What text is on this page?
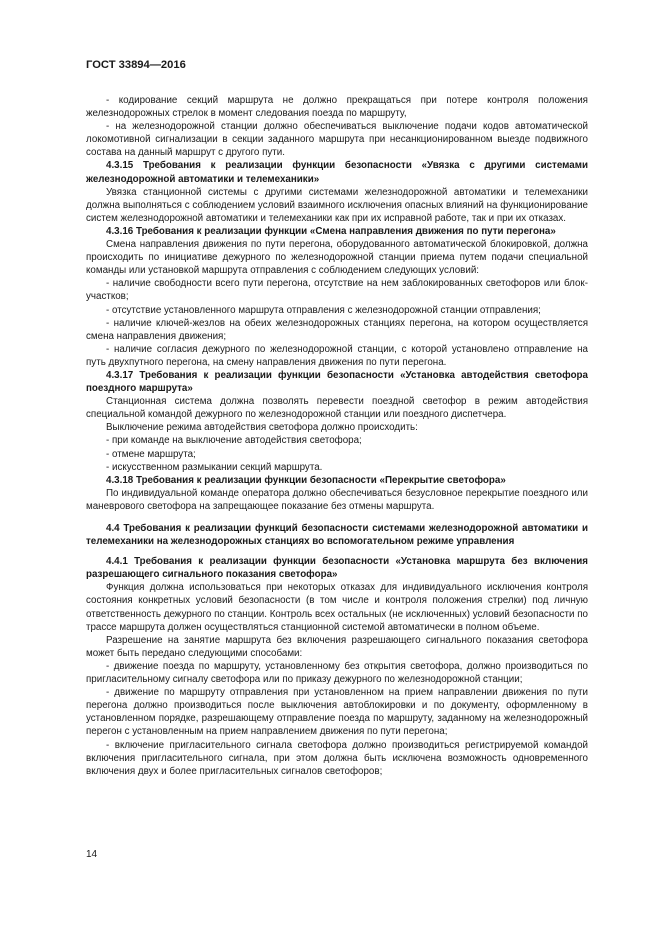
ГОСТ 33894—2016

- кодирование секций маршрута не должно прекращаться при потере контроля положения железнодорожных стрелок в момент следования поезда по маршруту,

- на железнодорожной станции должно обеспечиваться выключение подачи кодов автоматической локомотивной сигнализации в секции заданного маршрута при несанкционированном выезде подвижного состава на данный маршрут с другого пути.

4.3.15 Требования к реализации функции безопасности «Увязка с другими системами железнодорожной автоматики и телемеханики»

Увязка станционной системы с другими системами железнодорожной автоматики и телемеханики должна выполняться с соблюдением условий взаимного исключения опасных влияний на функционирование систем железнодорожной автоматики и телемеханики как при их исправной работе, так и при их отказах.

4.3.16 Требования к реализации функции «Смена направления движения по пути перегона»

Смена направления движения по пути перегона, оборудованного автоматической блокировкой, должна происходить по инициативе дежурного по железнодорожной станции приема путем подачи специальной команды или установкой маршрута отправления с соблюдением следующих условий:

- наличие свободности всего пути перегона, отсутствие на нем заблокированных светофоров или блок-участков;

- отсутствие установленного маршрута отправления с железнодорожной станции отправления;

- наличие ключей-жезлов на обеих железнодорожных станциях перегона, на котором осуществляется смена направления движения;

- наличие согласия дежурного по железнодорожной станции, с которой установлено отправление на путь двухпутного перегона, на смену направления движения по пути перегона.

4.3.17 Требования к реализации функции безопасности «Установка автодействия светофора поездного маршрута»

Станционная система должна позволять перевести поездной светофор в режим автодействия специальной командой дежурного по железнодорожной станции или поездного диспетчера.

Выключение режима автодействия светофора должно происходить:

- при команде на выключение автодействия светофора;

- отмене маршрута;

- искусственном размыкании секций маршрута.

4.3.18 Требования к реализации функции безопасности «Перекрытие светофора»

По индивидуальной команде оператора должно обеспечиваться безусловное перекрытие поездного или маневрового светофора на запрещающее показание без отмены маршрута.

4.4 Требования к реализации функций безопасности системами железнодорожной автоматики и телемеханики на железнодорожных станциях во вспомогательном режиме управления

4.4.1 Требования к реализации функции безопасности «Установка маршрута без включения разрешающего сигнального показания светофора»

Функция должна использоваться при некоторых отказах для индивидуального исключения контроля состояния конкретных условий безопасности (в том числе и контроля положения стрелки) под личную ответственность дежурного по станции. Контроль всех остальных (не исключенных) условий безопасности по трассе маршрута должен осуществляться станционной системой автоматически в полном объеме.

Разрешение на занятие маршрута без включения разрешающего сигнального показания светофора может быть передано следующими способами:

- движение поезда по маршруту, установленному без открытия светофора, должно производиться по пригласительному сигналу светофора или по приказу дежурного по железнодорожной станции;

- движение по маршруту отправления при установленном на прием направлении движения по пути перегона должно производиться после выключения автоблокировки и по документу, оформленному в установленном порядке, разрешающему отправление поезда по маршруту, заданному на железнодорожный перегон с установленным на прием направлением движения по пути перегона;

- включение пригласительного сигнала светофора должно производиться регистрируемой командой включения пригласительного сигнала, при этом должна быть исключена возможность одновременного включения двух и более пригласительных сигналов светофоров;

14
